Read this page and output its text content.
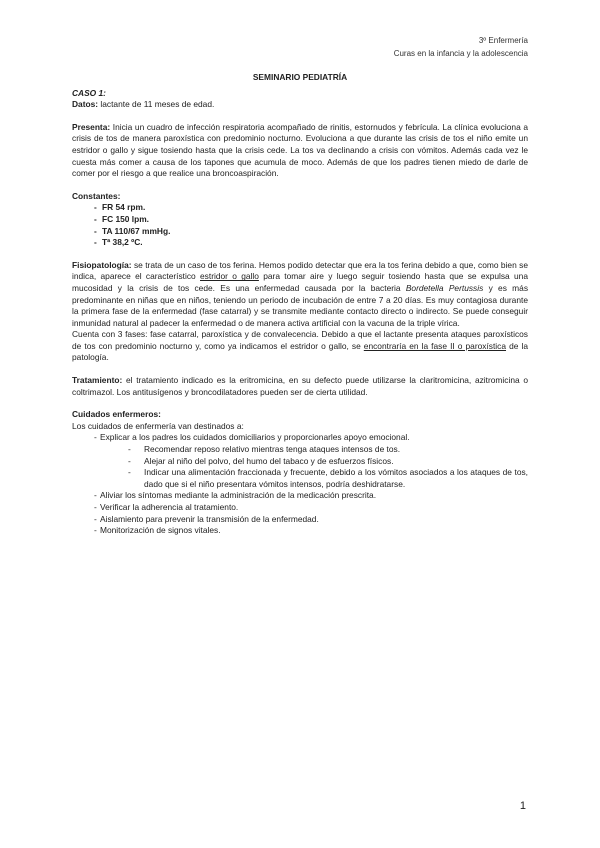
3º Enfermería
Curas en la infancia y la adolescencia
SEMINARIO PEDIATRÍA
CASO 1:

Datos: lactante de 11 meses de edad.

Presenta: Inicia un cuadro de infección respiratoria acompañado de rinitis, estornudos y febrícula. La clínica evoluciona a crisis de tos de manera paroxística con predominio nocturno. Evoluciona a que durante las crisis de tos el niño emite un estridor o gallo y sigue tosiendo hasta que la crisis cede. La tos va declinando a crisis con vómitos. Además cada vez le cuesta más comer a causa de los tapones que acumula de moco. Además de que los padres tienen miedo de darle de comer por el riesgo a que realice una broncoaspiración.

Constantes:
- FR 54 rpm.
- FC 150 lpm.
- TA 110/67 mmHg.
- Tª 38,2 ºC.

Fisiopatología: se trata de un caso de tos ferina. Hemos podido detectar que era la tos ferina debido a que, como bien se indica, aparece el característico estridor o gallo para tomar aire y luego seguir tosiendo hasta que se expulsa una mucosidad y la crisis de tos cede. Es una enfermedad causada por la bacteria Bordetella Pertussis y es más predominante en niñas que en niños, teniendo un periodo de incubación de entre 7 a 20 días. Es muy contagiosa durante la primera fase de la enfermedad (fase catarral) y se transmite mediante contacto directo o indirecto. Se puede conseguir inmunidad natural al padecer la enfermedad o de manera activa artificial con la vacuna de la triple vírica.

Cuenta con 3 fases: fase catarral, paroxística y de convalecencia. Debido a que el lactante presenta ataques paroxísticos de tos con predominio nocturno y, como ya indicamos el estridor o gallo, se encontraría en la fase II o paroxística de la patología.

Tratamiento: el tratamiento indicado es la eritromicina, en su defecto puede utilizarse la claritromicina, azitromicina o coltrimazol. Los antitusígenos y broncodilatadores pueden ser de cierta utilidad.

Cuidados enfermeros:
Los cuidados de enfermería van destinados a:
- Explicar a los padres los cuidados domiciliarios y proporcionarles apoyo emocional.
- Recomendar reposo relativo mientras tenga ataques intensos de tos.
- Alejar al niño del polvo, del humo del tabaco y de esfuerzos físicos.
- Indicar una alimentación fraccionada y frecuente, debido a los vómitos asociados a los ataques de tos, dado que si el niño presentara vómitos intensos, podría deshidratarse.
- Aliviar los síntomas mediante la administración de la medicación prescrita.
- Verificar la adherencia al tratamiento.
- Aislamiento para prevenir la transmisión de la enfermedad.
- Monitorización de signos vitales.
1
